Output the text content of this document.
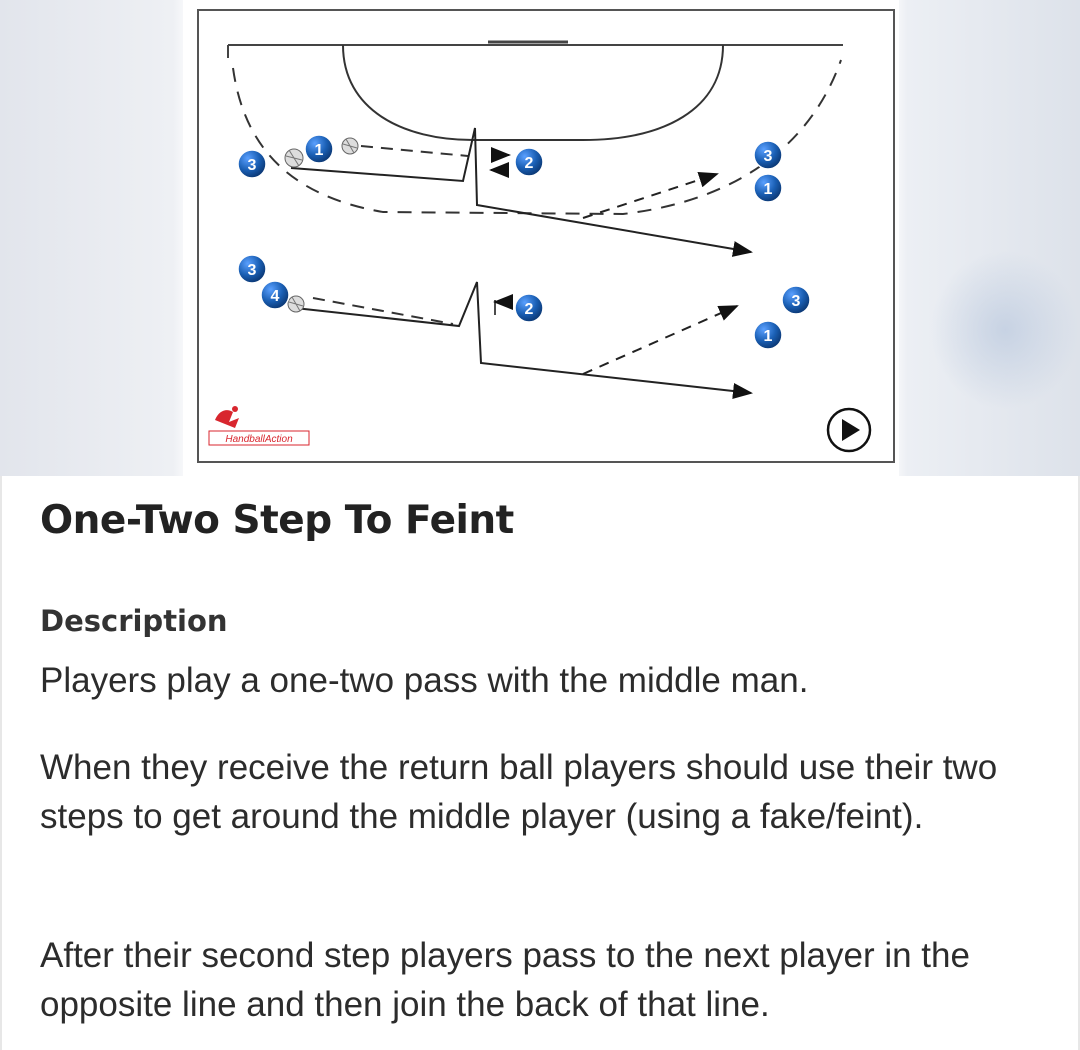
3
1
2	3
1
3
4
2	3
1
HandballAction
One-Two Step To Feint
Description

Players play a one-two pass with the middle man.

When they receive the return ball players should use their two steps to get around the middle player (using a fake/feint).

After their second step players pass to the next player in the opposite line and then join the back of that line.
